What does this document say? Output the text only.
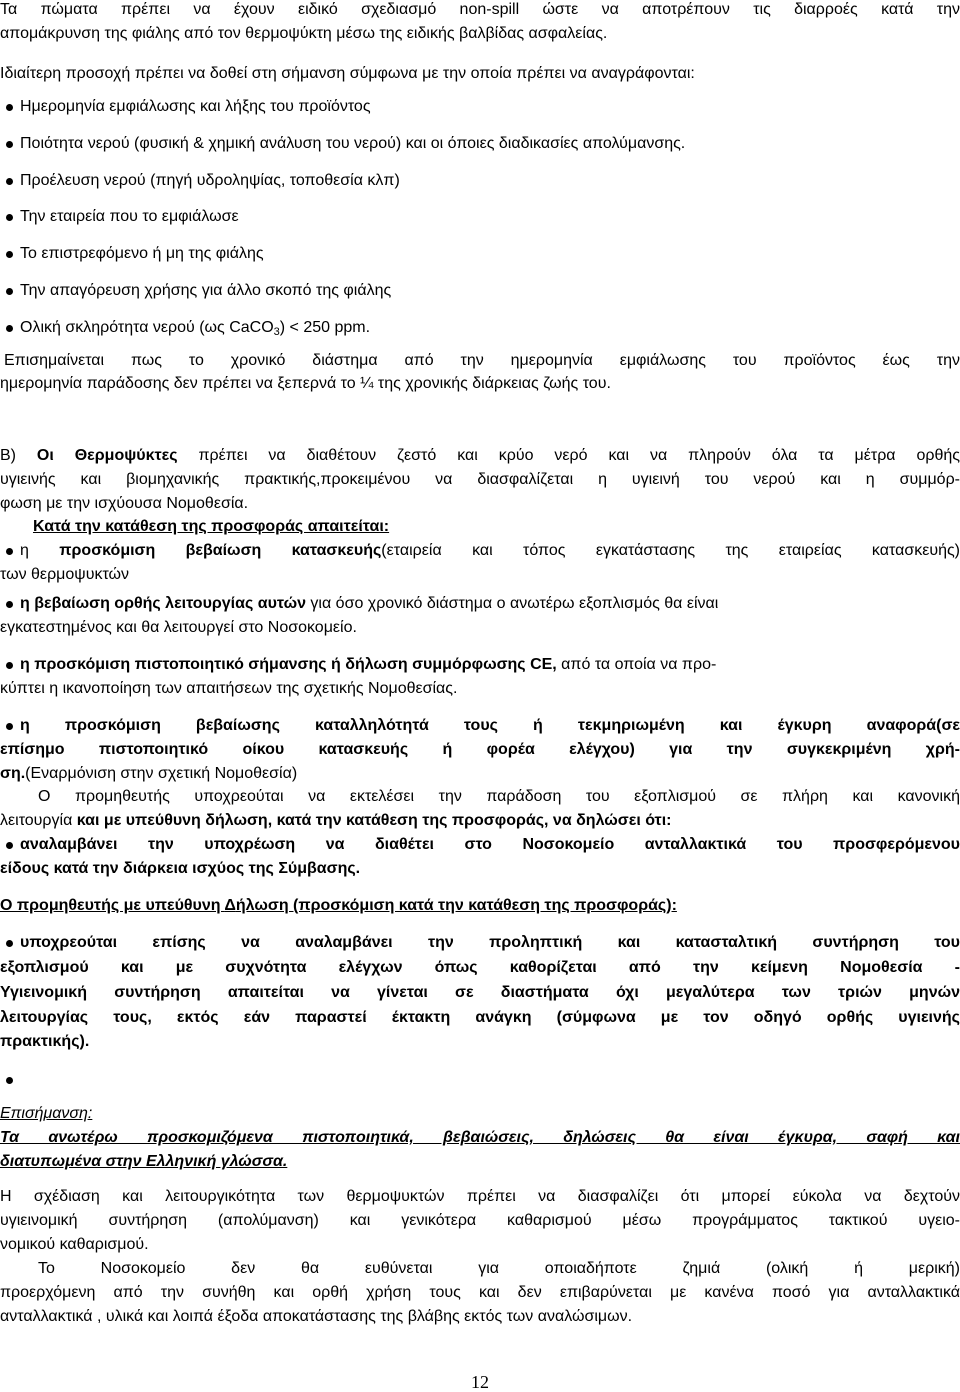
Τα πώματα πρέπει να έχουν ειδικό σχεδιασμό non-spill ώστε να αποτρέπουν τις διαρροές κατά την
απομάκρυνση της φιάλης από τον θερμοψύκτη μέσω της ειδικής βαλβίδας ασφαλείας.
Ιδιαίτερη προσοχή πρέπει να δοθεί στη σήμανση σύμφωνα με την οποία πρέπει να αναγράφονται:
Ημερομηνία εμφιάλωσης και λήξης του προϊόντος
Ποιότητα νερού (φυσική & χημική ανάλυση του νερού) και οι όποιες διαδικασίες απολύμανσης.
Προέλευση νερού (πηγή υδροληψίας, τοποθεσία κλπ)
Την εταιρεία που το εμφιάλωσε
Το επιστρεφόμενο ή μη της φιάλης
Την απαγόρευση χρήσης για άλλο σκοπό της φιάλης
Ολική σκληρότητα νερού (ως CaCO$_3$) < 250 ppm.
Επισημαίνεται πως το χρονικό διάστημα από την ημερομηνία εμφιάλωσης του προϊόντος έως την
ημερομηνία παράδοσης δεν πρέπει να ξεπερνά το ¼ της χρονικής διάρκειας ζωής του.
Β) Οι Θερμοψύκτες πρέπει να διαθέτουν ζεστό και κρύο νερό και να πληρούν όλα τα μέτρα ορθής
υγιεινής και βιομηχανικής πρακτικής,προκειμένου να διασφαλίζεται η υγιεινή του νερού και η συμμόρ-
φωση με την ισχύουσα Νομοθεσία.
Κατά την κατάθεση της προσφοράς απαιτείται:
η προσκόμιση βεβαίωση κατασκευής(εταιρεία και τόπος εγκατάστασης της εταιρείας κατασκευής)
των θερμοψυκτών
η βεβαίωση ορθής λειτουργίας αυτών για όσο χρονικό διάστημα ο ανωτέρω εξοπλισμός θα είναι
εγκατεστημένος και θα λειτουργεί στο Νοσοκομείο.
η προσκόμιση πιστοποιητικό σήμανσης ή δήλωση συμμόρφωσης CE, από τα οποία να προ-
κύπτει η ικανοποίηση των απαιτήσεων της σχετικής Νομοθεσίας.
η προσκόμιση βεβαίωσης καταλληλότητά τους ή τεκμηριωμένη και έγκυρη αναφορά(σε
επίσημο πιστοποιητικό οίκου κατασκευής ή φορέα ελέγχου) για την συγκεκριμένη χρή-
ση.(Εναρμόνιση στην σχετική Νομοθεσία)
Ο προμηθευτής υποχρεούται να εκτελέσει την παράδοση του εξοπλισμού σε πλήρη και κανονική
λειτουργία και με υπεύθυνη δήλωση, κατά την κατάθεση της προσφοράς, να δηλώσει ότι:
αναλαμβάνει την υποχρέωση να διαθέτει στο Νοσοκομείο ανταλλακτικά του προσφερόμενου
είδους κατά την διάρκεια ισχύος της Σύμβασης.
Ο προμηθευτής με υπεύθυνη Δήλωση (προσκόμιση κατά την κατάθεση της προσφοράς):
υποχρεούται επίσης να αναλαμβάνει την προληπτική και κατασταλτική συντήρηση του
εξοπλισμού και με συχνότητα ελέγχων όπως καθορίζεται από την κείμενη Νομοθεσία -
Υγιεινομική συντήρηση απαιτείται να γίνεται σε διαστήματα όχι μεγαλύτερα των τριών μηνών
λειτουργίας τους, εκτός εάν παραστεί έκτακτη ανάγκη (σύμφωνα με τον οδηγό ορθής υγιεινής
πρακτικής).
Επισήμανση:
Τα ανωτέρω προσκομιζόμενα πιστοποιητικά, βεβαιώσεις, δηλώσεις θα είναι έγκυρα, σαφή και
διατυπωμένα στην Ελληνική γλώσσα.
Η σχέδιαση και λειτουργικότητα των θερμοψυκτών πρέπει να διασφαλίζει ότι μπορεί εύκολα να δεχτούν
υγιεινομική συντήρηση (απολύμανση) και γενικότερα καθαρισμού μέσω προγράμματος τακτικού υγειο-
νομικού καθαρισμού.
Το Νοσοκομείο δεν θα ευθύνεται για οποιαδήποτε ζημιά (ολική ή μερική)
προερχόμενη από την συνήθη και ορθή χρήση τους και δεν επιβαρύνεται με κανένα ποσό για ανταλλακτικά
ανταλλακτικά , υλικά και λοιπά έξοδα αποκατάστασης της βλάβης εκτός των αναλώσιμων.
12
